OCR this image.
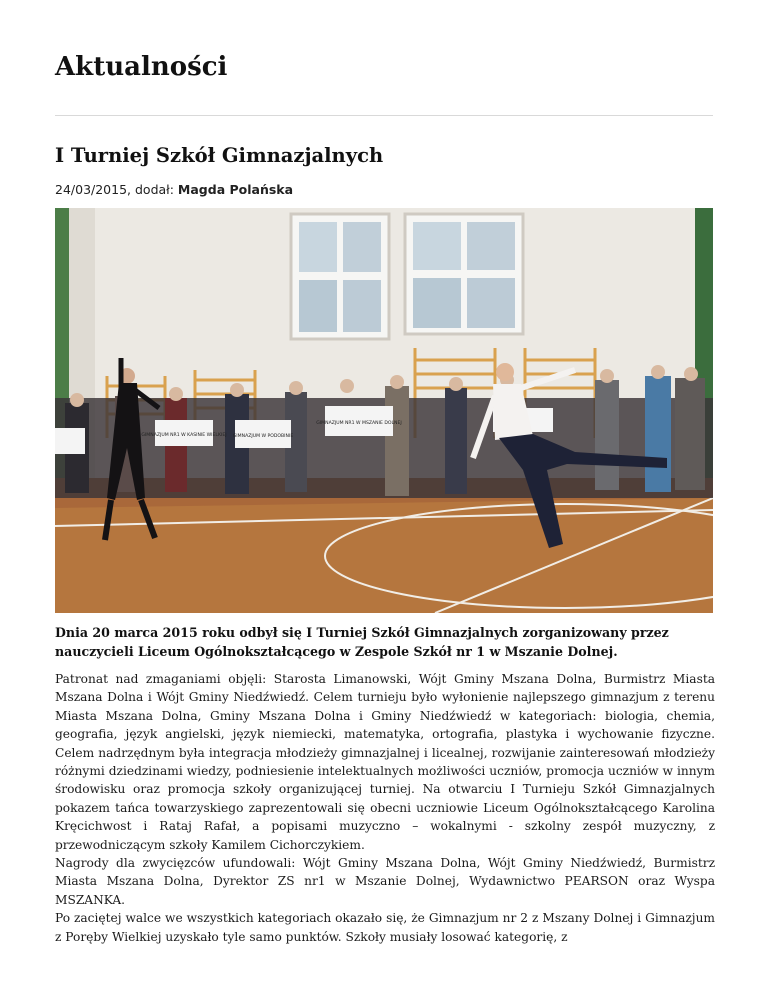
Aktualności
I Turniej Szkół Gimnazjalnych
24/03/2015, dodał: Magda Polańska
GIMNAZJUM NR1 W KASINIE WIELKIEJ GIMNAZJUM W PODOBINIE
GIMNAZJUM NR1 W MSZANIE DOLNEJ

Dnia 20 marca 2015 roku odbył się I Turniej Szkół Gimnazjalnych zorganizowany przez nauczycieli Liceum Ogólnokształcącego w Zespole Szkół nr 1 w Mszanie Dolnej.

Patronat nad zmaganiami objęli: Starosta Limanowski, Wójt Gminy Mszana Dolna, Burmistrz Miasta Mszana Dolna i Wójt Gminy Niedźwiedź. Celem turnieju było wyłonienie najlepszego gimnazjum z terenu Miasta Mszana Dolna, Gminy Mszana Dolna i Gminy Niedźwiedź w kategoriach: biologia, chemia, geografia, język angielski, język niemiecki, matematyka, ortografia, plastyka i wychowanie fizyczne. Celem nadrzędnym była integracja młodzieży gimnazjalnej i licealnej, rozwijanie zainteresowań młodzieży różnymi dziedzinami wiedzy, podniesienie intelektualnych możliwości uczniów, promocja uczniów w innym środowisku oraz promocja szkoły organizującej turniej. Na otwarciu I Turnieju Szkół Gimnazjalnych pokazem tańca towarzyskiego zaprezentowali się obecni uczniowie Liceum Ogólnokształcącego Karolina Kręcichwost i Rataj Rafał, a popisami muzyczno – wokalnymi - szkolny zespół muzyczny, z przewodniczącym szkoły Kamilem Cichorczykiem.

Nagrody dla zwycięzców ufundowali: Wójt Gminy Mszana Dolna, Wójt Gminy Niedźwiedź, Burmistrz Miasta Mszana Dolna, Dyrektor ZS nr1 w Mszanie Dolnej, Wydawnictwo PEARSON oraz Wyspa MSZANKA.

Po zaciętej walce we wszystkich kategoriach okazało się, że Gimnazjum nr 2 z Mszany Dolnej i Gimnazjum z Poręby Wielkiej uzyskało tyle samo punktów. Szkoły musiały losować kategorię, z
